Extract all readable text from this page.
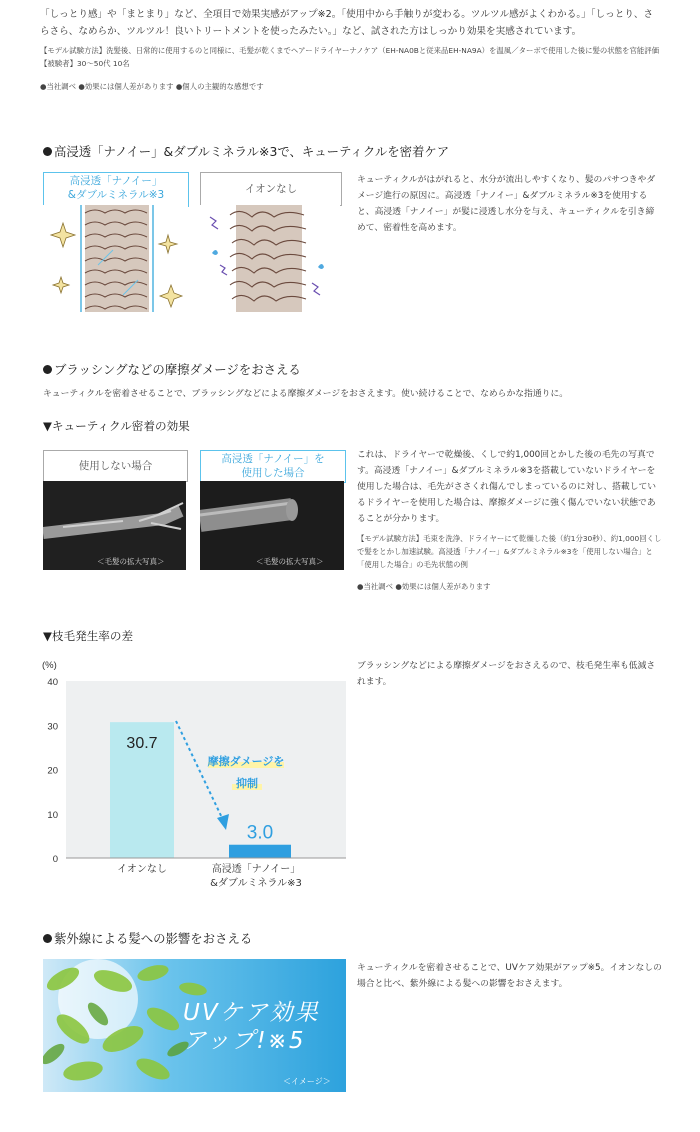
「しっとり感」や「まとまり」など、全項目で効果実感がアップ※2。「使用中から手触りが変わる。ツルツル感がよくわかる。」「しっとり、さらさら、なめらか、ツルツル！良いトリートメントを使ったみたい。」など、試された方はしっかり効果を実感されています。
【モデル試験方法】洗髪後、日常的に使用するのと同様に、毛髪が乾くまでヘアードライヤーナノケア（EH-NA0Bと従来品EH-NA9A）を温風／ターボで使用した後に髪の状態を官能評価　【被験者】30〜50代 10名
●当社調べ ●効果には個人差があります ●個人の主観的な感想です
高浸透「ナノイー」&ダブルミネラル※3で、キューティクルを密着ケア
高浸透「ナノイー」
&ダブルミネラル※3	イオンなし
キューティクルがはがれると、水分が流出しやすくなり、髪のパサつきやダメージ進行の原因に。高浸透「ナノイー」&ダブルミネラル※3を使用すると、高浸透「ナノイー」が髪に浸透し水分を与え、キューティクルを引き締めて、密着性を高めます。
ブラッシングなどの摩擦ダメージをおさえる
キューティクルを密着させることで、ブラッシングなどによる摩擦ダメージをおさえます。使い続けることで、なめらかな指通りに。
▼キューティクル密着の効果
使用しない場合
高浸透「ナノイー」を
使用した場合
＜毛髪の拡大写真＞	＜毛髪の拡大写真＞
これは、ドライヤーで乾燥後、くしで約1,000回とかした後の毛先の写真です。高浸透「ナノイー」&ダブルミネラル※3を搭載していないドライヤーを使用した場合は、毛先がささくれ傷んでしまっているのに対し、搭載しているドライヤーを使用した場合は、摩擦ダメージに強く傷んでいない状態であることが分かります。
【モデル試験方法】毛束を洗浄、ドライヤーにて乾燥した後（約1分30秒）、約1,000回くしで髪をとかし加速試験。高浸透「ナノイー」&ダブルミネラル※3を「使用しない場合」と「使用した場合」の毛先状態の例
●当社調べ ●効果には個人差があります
▼枝毛発生率の差
(%)
0
10
20
30
40
30.7
3.0
摩擦ダメージを
抑制
イオンなし	高浸透「ナノイー」
&ダブルミネラル※3
ブラッシングなどによる摩擦ダメージをおさえるので、枝毛発生率も低減されます。
紫外線による髪への影響をおさえる
UVケア効果
アップ!※5
＜イメージ＞
キューティクルを密着させることで、UVケア効果がアップ※5。イオンなしの場合と比べ、紫外線による髪への影響をおさえます。
